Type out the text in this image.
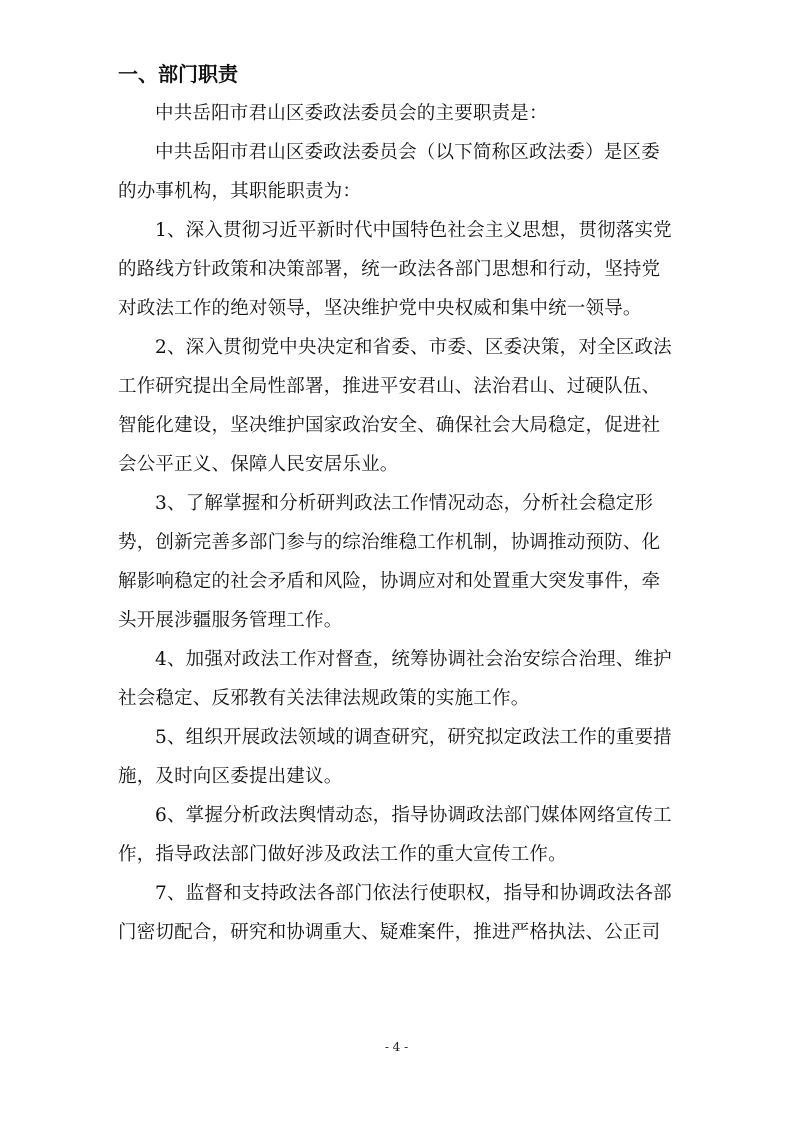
一、部门职责
中共岳阳市君山区委政法委员会的主要职责是：
中共岳阳市君山区委政法委员会（以下简称区政法委）是区委
的办事机构，其职能职责为：
1、深入贯彻习近平新时代中国特色社会主义思想，贯彻落实党
的路线方针政策和决策部署，统一政法各部门思想和行动，坚持党
对政法工作的绝对领导，坚决维护党中央权威和集中统一领导。
2、深入贯彻党中央决定和省委、市委、区委决策，对全区政法
工作研究提出全局性部署，推进平安君山、法治君山、过硬队伍、
智能化建设，坚决维护国家政治安全、确保社会大局稳定，促进社
会公平正义、保障人民安居乐业。
3、了解掌握和分析研判政法工作情况动态，分析社会稳定形
势，创新完善多部门参与的综治维稳工作机制，协调推动预防、化
解影响稳定的社会矛盾和风险，协调应对和处置重大突发事件，牵
头开展涉疆服务管理工作。
4、加强对政法工作对督查，统筹协调社会治安综合治理、维护
社会稳定、反邪教有关法律法规政策的实施工作。
5、组织开展政法领域的调查研究，研究拟定政法工作的重要措
施，及时向区委提出建议。
6、掌握分析政法舆情动态，指导协调政法部门媒体网络宣传工
作，指导政法部门做好涉及政法工作的重大宣传工作。
7、监督和支持政法各部门依法行使职权，指导和协调政法各部
门密切配合，研究和协调重大、疑难案件，推进严格执法、公正司
- 4 -
